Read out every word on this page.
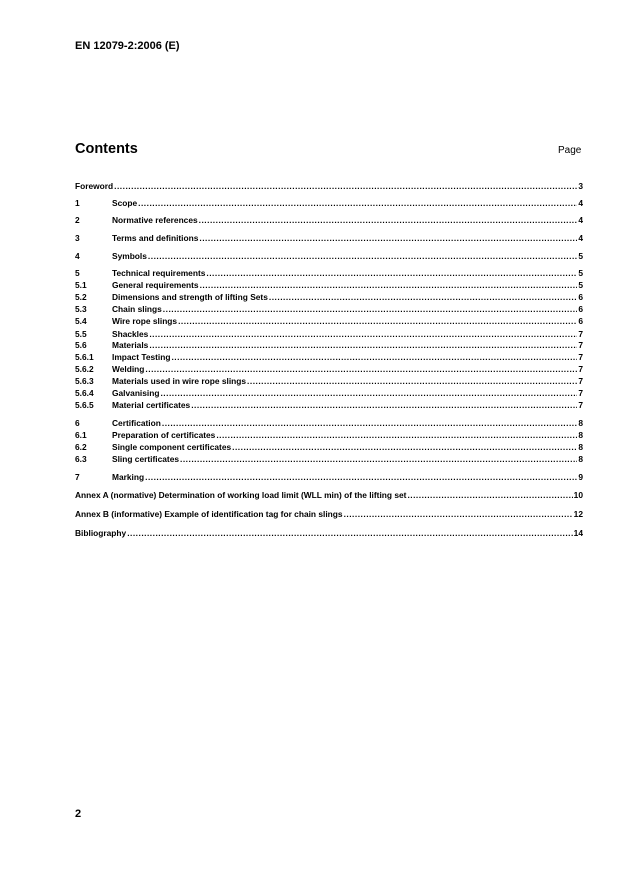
EN 12079-2:2006 (E)
Contents	Page
Foreword .....	3
1	Scope .....	4
2	Normative references .....	4
3	Terms and definitions .....	4
4	Symbols .....	5
5	Technical requirements .....	5
5.1	General requirements .....	5
5.2	Dimensions and strength of lifting Sets .....	6
5.3	Chain slings .....	6
5.4	Wire rope slings .....	6
5.5	Shackles .....	7
5.6	Materials .....	7
5.6.1	Impact Testing .....	7
5.6.2	Welding .....	7
5.6.3	Materials used in wire rope slings .....	7
5.6.4	Galvanising .....	7
5.6.5	Material certificates .....	7
6	Certification .....	8
6.1	Preparation of certificates .....	8
6.2	Single component certificates .....	8
6.3	Sling certificates .....	8
7	Marking .....	9
Annex A (normative) Determination of working load limit (WLL min) of the lifting set .....	10
Annex B (informative) Example of identification tag for chain slings .....	12
Bibliography .....	14
2
